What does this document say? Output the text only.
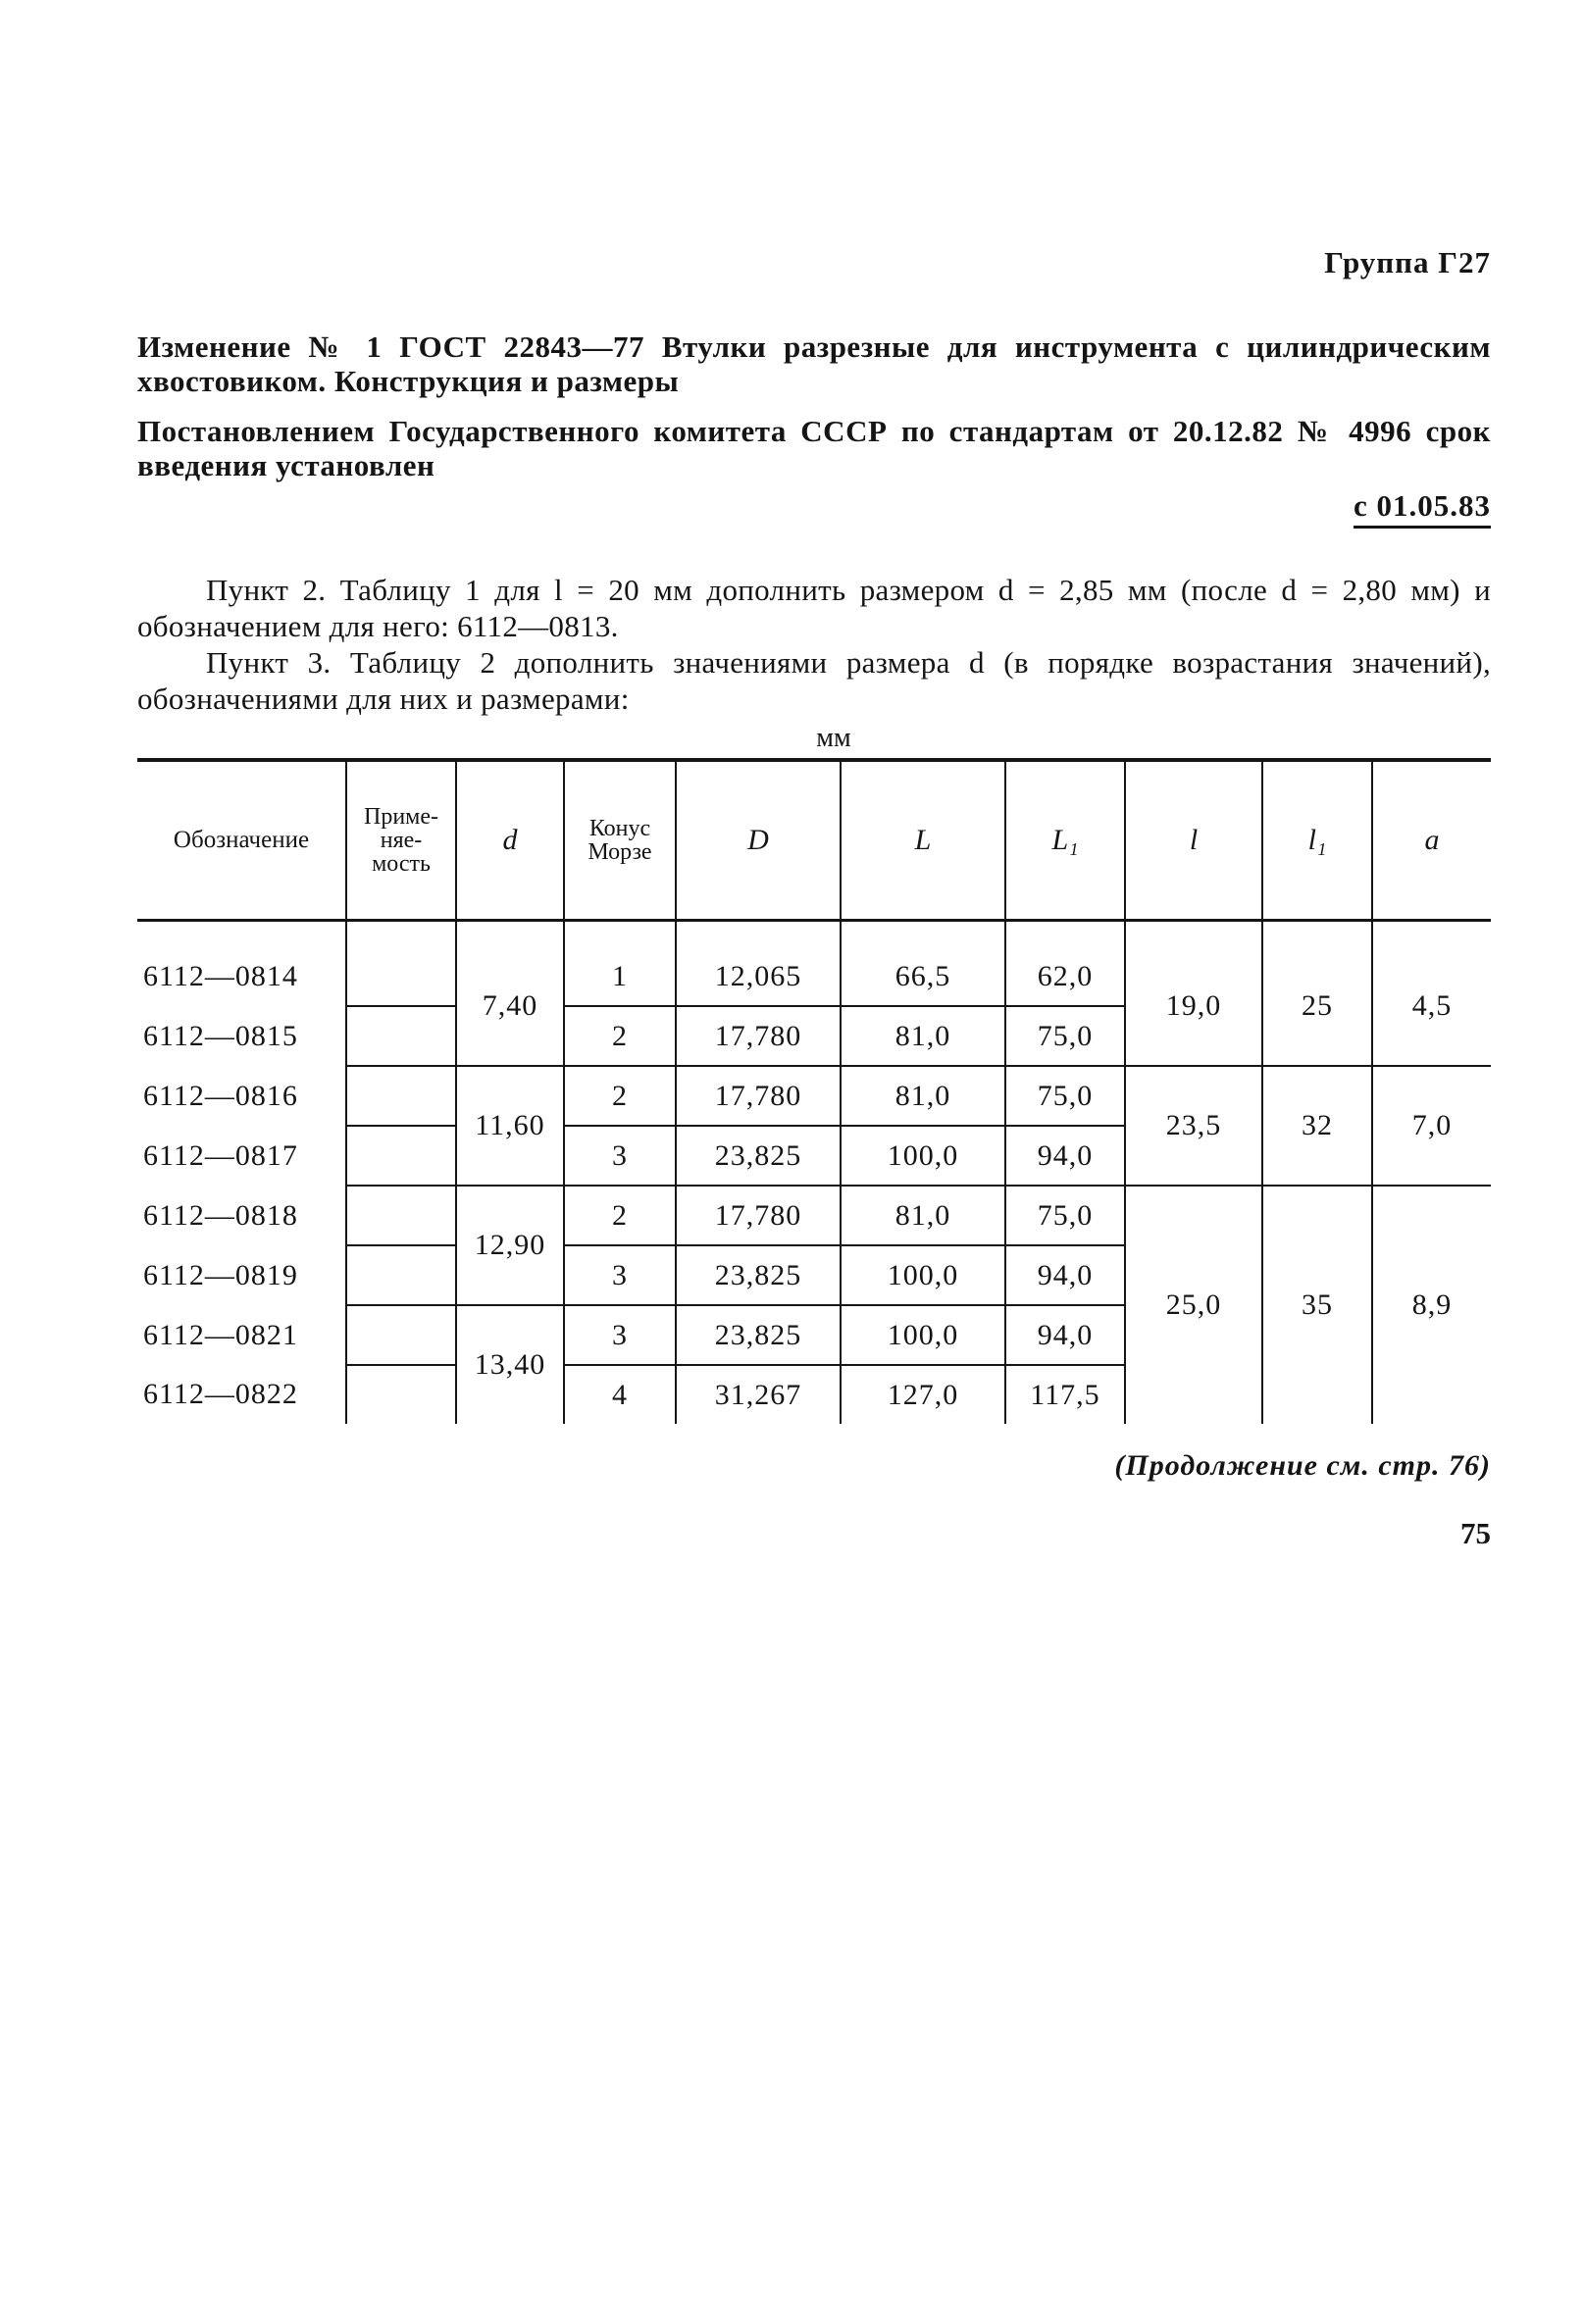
Группа Г27
Изменение № 1 ГОСТ 22843—77 Втулки разрезные для инструмента с цилиндрическим хвостовиком. Конструкция и размеры
Постановлением Государственного комитета СССР по стандартам от 20.12.82 № 4996 срок введения установлен
с 01.05.83
Пункт 2. Таблицу 1 для l = 20 мм дополнить размером d = 2,85 мм (после d = 2,80 мм) и обозначением для него: 6112—0813.
Пункт 3. Таблицу 2 дополнить значениями размера d (в порядке возрастания значений), обозначениями для них и размерами:
мм
Обозначение	Приме-няе-мость	d	Конус Морзе	D	L	L₁	l	l₁	a
6112—0814		7,40	1	12,065	66,5	62,0	19,0	25	4,5
6112—0815			2	17,780	81,0	75,0			
6112—0816		11,60	2	17,780	81,0	75,0	23,5	32	7,0
6112—0817			3	23,825	100,0	94,0			
6112—0818		12,90	2	17,780	81,0	75,0	25,0	35	8,9
6112—0819			3	23,825	100,0	94,0			
6112—0821		13,40	3	23,825	100,0	94,0			
6112—0822			4	31,267	127,0	117,5			
(Продолжение см. стр. 76)
75
